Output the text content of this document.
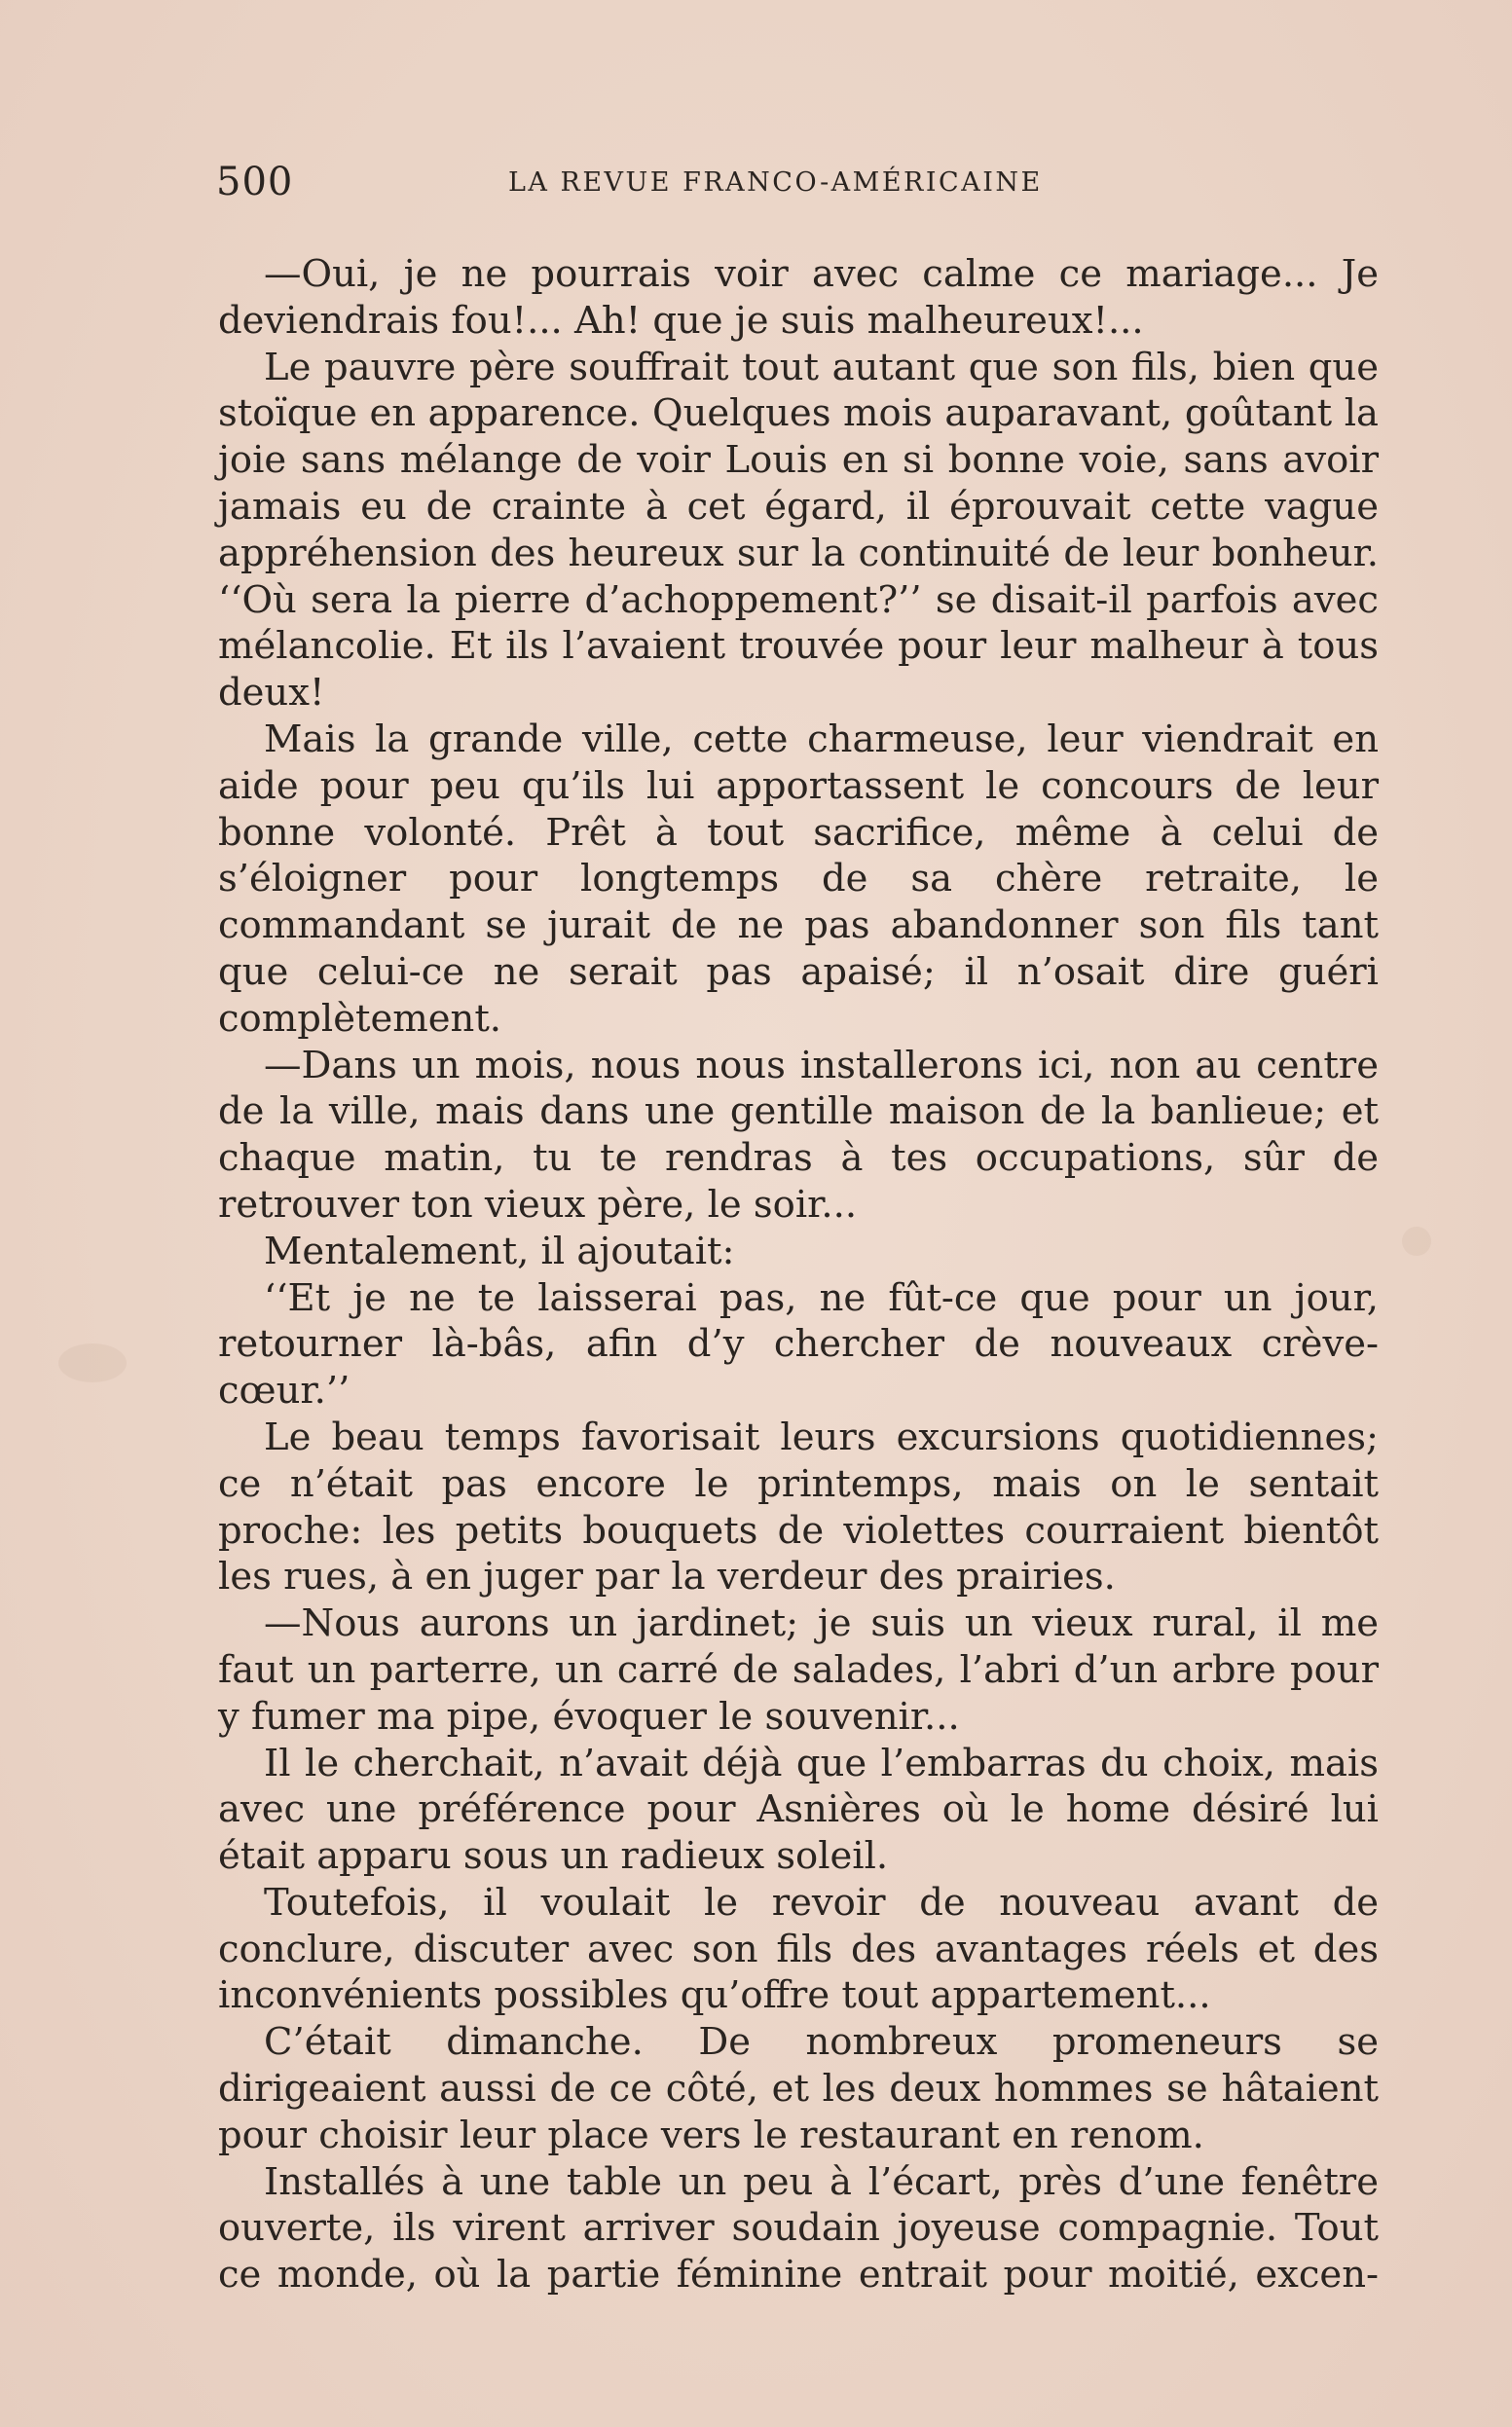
500	LA REVUE FRANCO-AMÉRICAINE

—Oui, je ne pourrais voir avec calme ce mariage... Je deviendrais fou!... Ah! que je suis malheureux!...

Le pauvre père souffrait tout autant que son fils, bien que stoïque en apparence. Quelques mois auparavant, goûtant la joie sans mélange de voir Louis en si bonne voie, sans avoir jamais eu de crainte à cet égard, il éprouvait cette vague appréhension des heureux sur la continuité de leur bonheur. ‘‘Où sera la pierre d’achoppement?’’ se disait-il parfois avec mélancolie. Et ils l’avaient trouvée pour leur malheur à tous deux!

Mais la grande ville, cette charmeuse, leur viendrait en aide pour peu qu’ils lui apportassent le concours de leur bonne volonté. Prêt à tout sacrifice, même à celui de s’éloigner pour longtemps de sa chère retraite, le commandant se jurait de ne pas abandonner son fils tant que celui-ce ne serait pas apaisé; il n’osait dire guéri complètement.

—Dans un mois, nous nous installerons ici, non au centre de la ville, mais dans une gentille maison de la banlieue; et chaque matin, tu te rendras à tes occupations, sûr de retrouver ton vieux père, le soir...

Mentalement, il ajoutait:

‘‘Et je ne te laisserai pas, ne fût-ce que pour un jour, retourner là-bâs, afin d’y chercher de nouveaux crève-cœur.’’

Le beau temps favorisait leurs excursions quotidiennes; ce n’était pas encore le printemps, mais on le sentait proche: les petits bouquets de violettes courraient bientôt les rues, à en juger par la verdeur des prairies.

—Nous aurons un jardinet; je suis un vieux rural, il me faut un parterre, un carré de salades, l’abri d’un arbre pour y fumer ma pipe, évoquer le souvenir...

Il le cherchait, n’avait déjà que l’embarras du choix, mais avec une préférence pour Asnières où le home désiré lui était apparu sous un radieux soleil.

Toutefois, il voulait le revoir de nouveau avant de conclure, discuter avec son fils des avantages réels et des inconvénients possibles qu’offre tout appartement...

C’était dimanche. De nombreux promeneurs se dirigeaient aussi de ce côté, et les deux hommes se hâtaient pour choisir leur place vers le restaurant en renom.

Installés à une table un peu à l’écart, près d’une fenêtre ouverte, ils virent arriver soudain joyeuse compagnie. Tout ce monde, où la partie féminine entrait pour moitié, excen-
